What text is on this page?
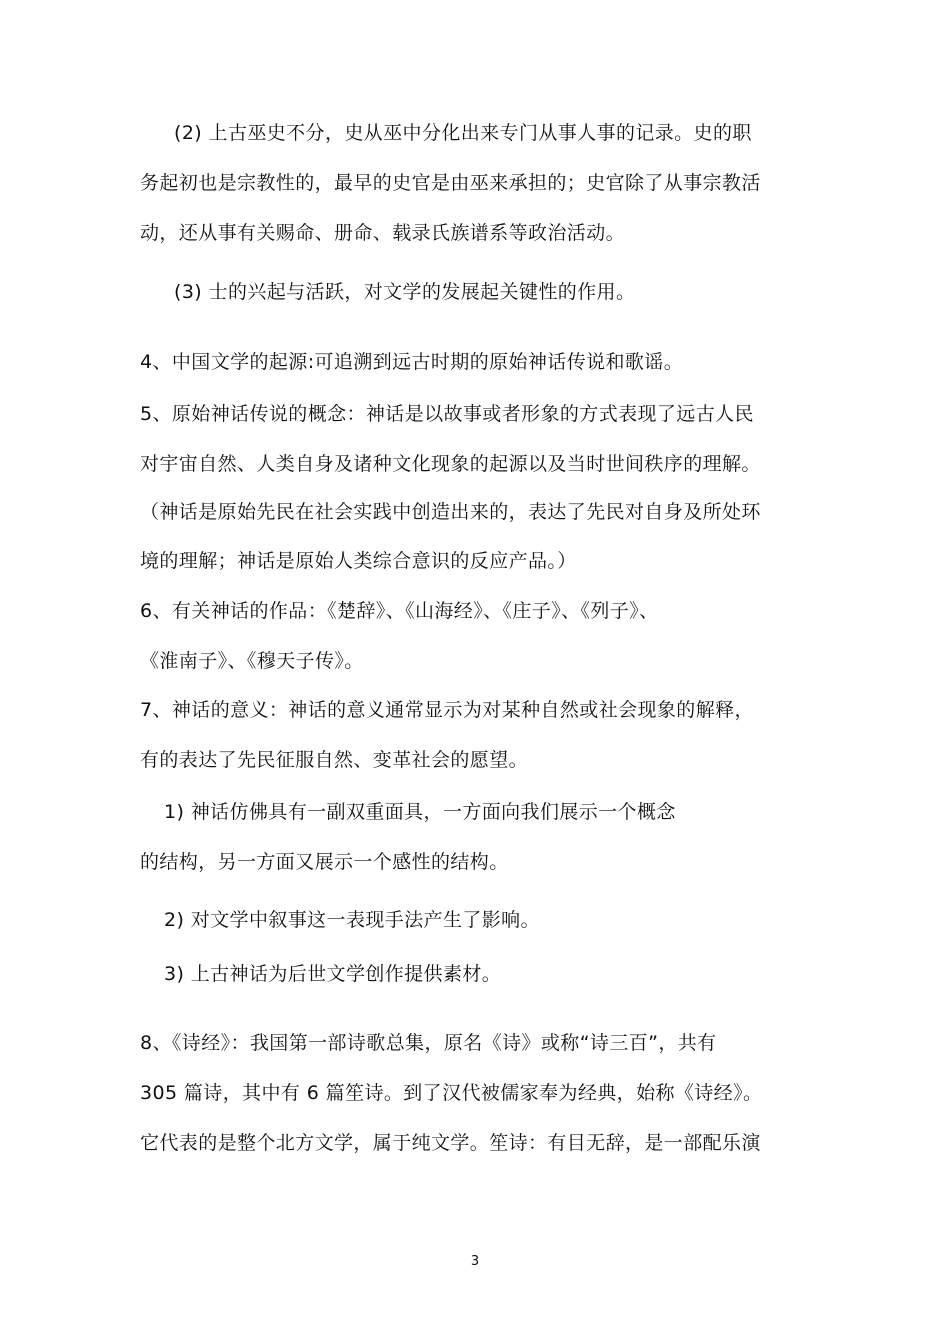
(2) 上古巫史不分，史从巫中分化出来专门从事人事的记录。史的职
务起初也是宗教性的，最早的史官是由巫来承担的；史官除了从事宗教活
动，还从事有关赐命、册命、载录氏族谱系等政治活动。
(3) 士的兴起与活跃，对文学的发展起关键性的作用。
4、中国文学的起源:可追溯到远古时期的原始神话传说和歌谣。
5、原始神话传说的概念：神话是以故事或者形象的方式表现了远古人民
对宇宙自然、人类自身及诸种文化现象的起源以及当时世间秩序的理解。
（神话是原始先民在社会实践中创造出来的，表达了先民对自身及所处环
境的理解；神话是原始人类综合意识的反应产品。）
6、有关神话的作品：《楚辞》、《山海经》、《庄子》、《列子》、
《淮南子》、《穆天子传》。
7、神话的意义：神话的意义通常显示为对某种自然或社会现象的解释，
有的表达了先民征服自然、变革社会的愿望。
1) 神话仿佛具有一副双重面具，一方面向我们展示一个概念
的结构，另一方面又展示一个感性的结构。
2) 对文学中叙事这一表现手法产生了影响。
3) 上古神话为后世文学创作提供素材。
8、《诗经》：我国第一部诗歌总集，原名《诗》或称“诗三百”，共有
305 篇诗，其中有 6 篇笙诗。到了汉代被儒家奉为经典，始称《诗经》。
它代表的是整个北方文学，属于纯文学。笙诗：有目无辞，是一部配乐演
3
